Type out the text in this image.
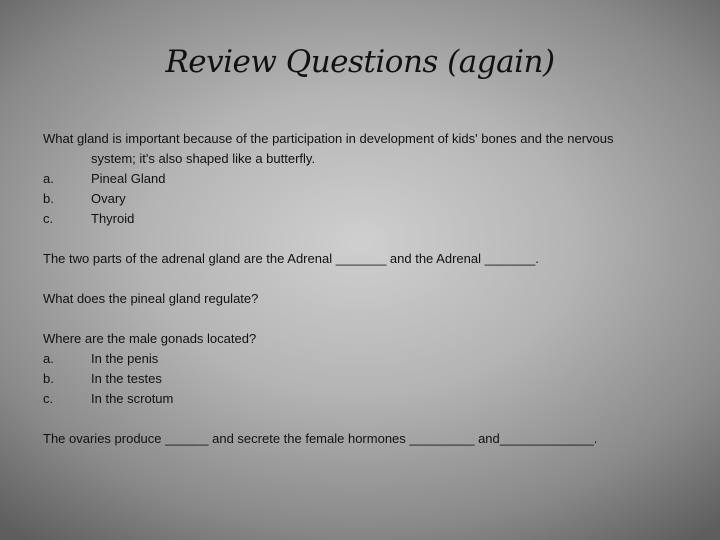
Review Questions (again)

What gland is important because of the participation in development of kids' bones and the nervous
system; it's also shaped like a butterfly.

a.	Pineal Gland
b.	Ovary
c.	Thyroid

The two parts of the adrenal gland are the Adrenal _______ and the Adrenal _______.

What does the pineal gland regulate?

Where are the male gonads located?

a.	In the penis
b.	In the testes
c.	In the scrotum

The ovaries produce ______ and secrete the female hormones _________ and_____________.
